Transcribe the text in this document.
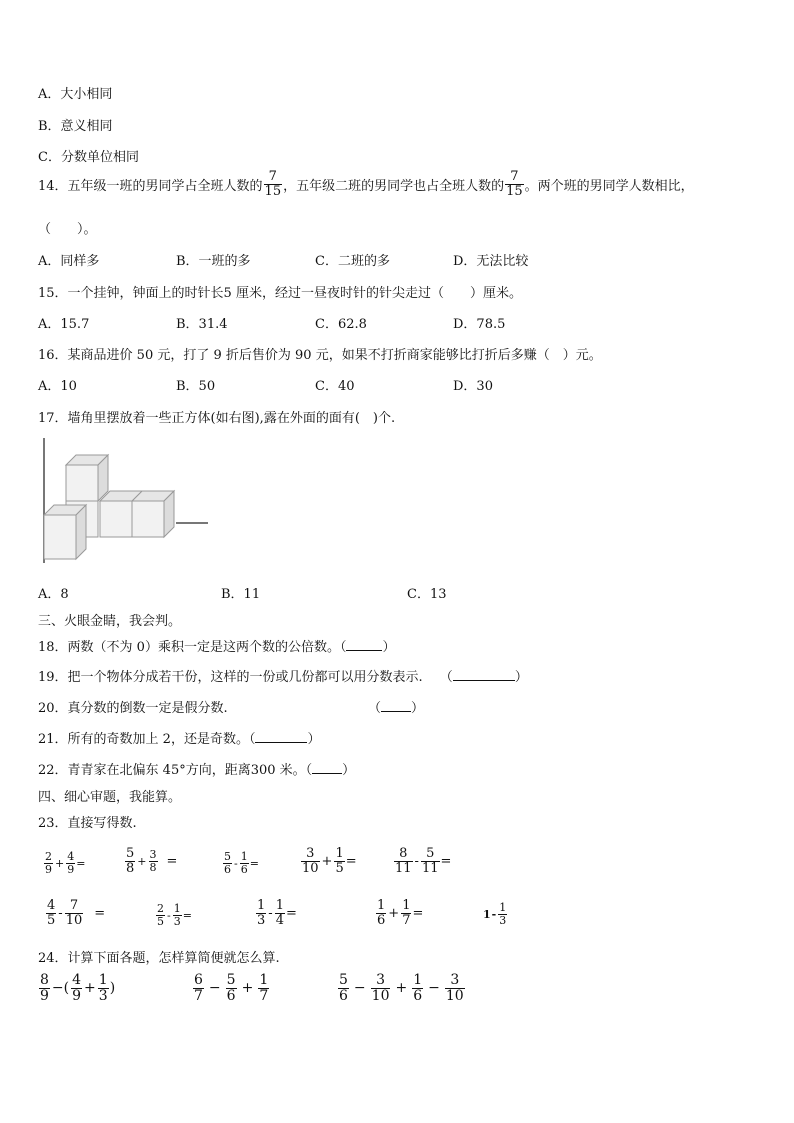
A．大小相同
B．意义相同
C．分数单位相同
14．五年级一班的男同学占全班人数的 $\frac{7}{15}$ ，五年级二班的男同学也占全班人数的 $\frac{7}{15}$ 。两个班的男同学人数相比，
（　　）。
A．同样多	B．一班的多	C．二班的多	D．无法比较
15．一个挂钟，钟面上的时针长5 厘米，经过一昼夜时针的针尖走过（　　）厘米。
A．15.7	B．31.4	C．62.8	D．78.5
16．某商品进价 50 元，打了 9 折后售价为 90 元，如果不打折商家能够比打折后多赚（　）元。
A．10	B．50	C．40	D．30
17．墙角里摆放着一些正方体(如右图),露在外面的面有(　)个.
A．8	B．11	C．13
三、火眼金睛，我会判。
18．两数（不为 0）乘积一定是这两个数的公倍数。（	）
19．把一个物体分成若干份，这样的一份或几份都可以用分数表示.　 （	）
20．真分数的倒数一定是假分数.	（ ）
21．所有的奇数加上 2，还是奇数。（	）
22．青青家在北偏东 45°方向，距离300 米。（ ）
四、细心审题，我能算。
23．直接写得数.
$\frac{2}{9} + \frac{4}{9}$ =	$\frac{5}{8} + \frac{3}{8}$ =	$\frac{5}{6} - \frac{1}{6}$ =	$\frac{3}{10} + \frac{1}{5}$ =	$\frac{8}{11} - \frac{5}{11}$ =
$\frac{4}{5} - \frac{7}{10}$ =	$\frac{2}{5} - \frac{1}{3}$ =	$\frac{1}{3} - \frac{1}{4}$ =	$\frac{1}{6} + \frac{1}{7}$ =	$1 - \frac{1}{3}$
24．计算下面各题，怎样算简便就怎么算.
$\frac{8}{9}$ −( $\frac{4}{9} + \frac{1}{3}$ )	$\frac{6}{7} - \frac{5}{6} + \frac{1}{7}$	$\frac{5}{6} - \frac{3}{10} + \frac{1}{6} - \frac{3}{10}$
